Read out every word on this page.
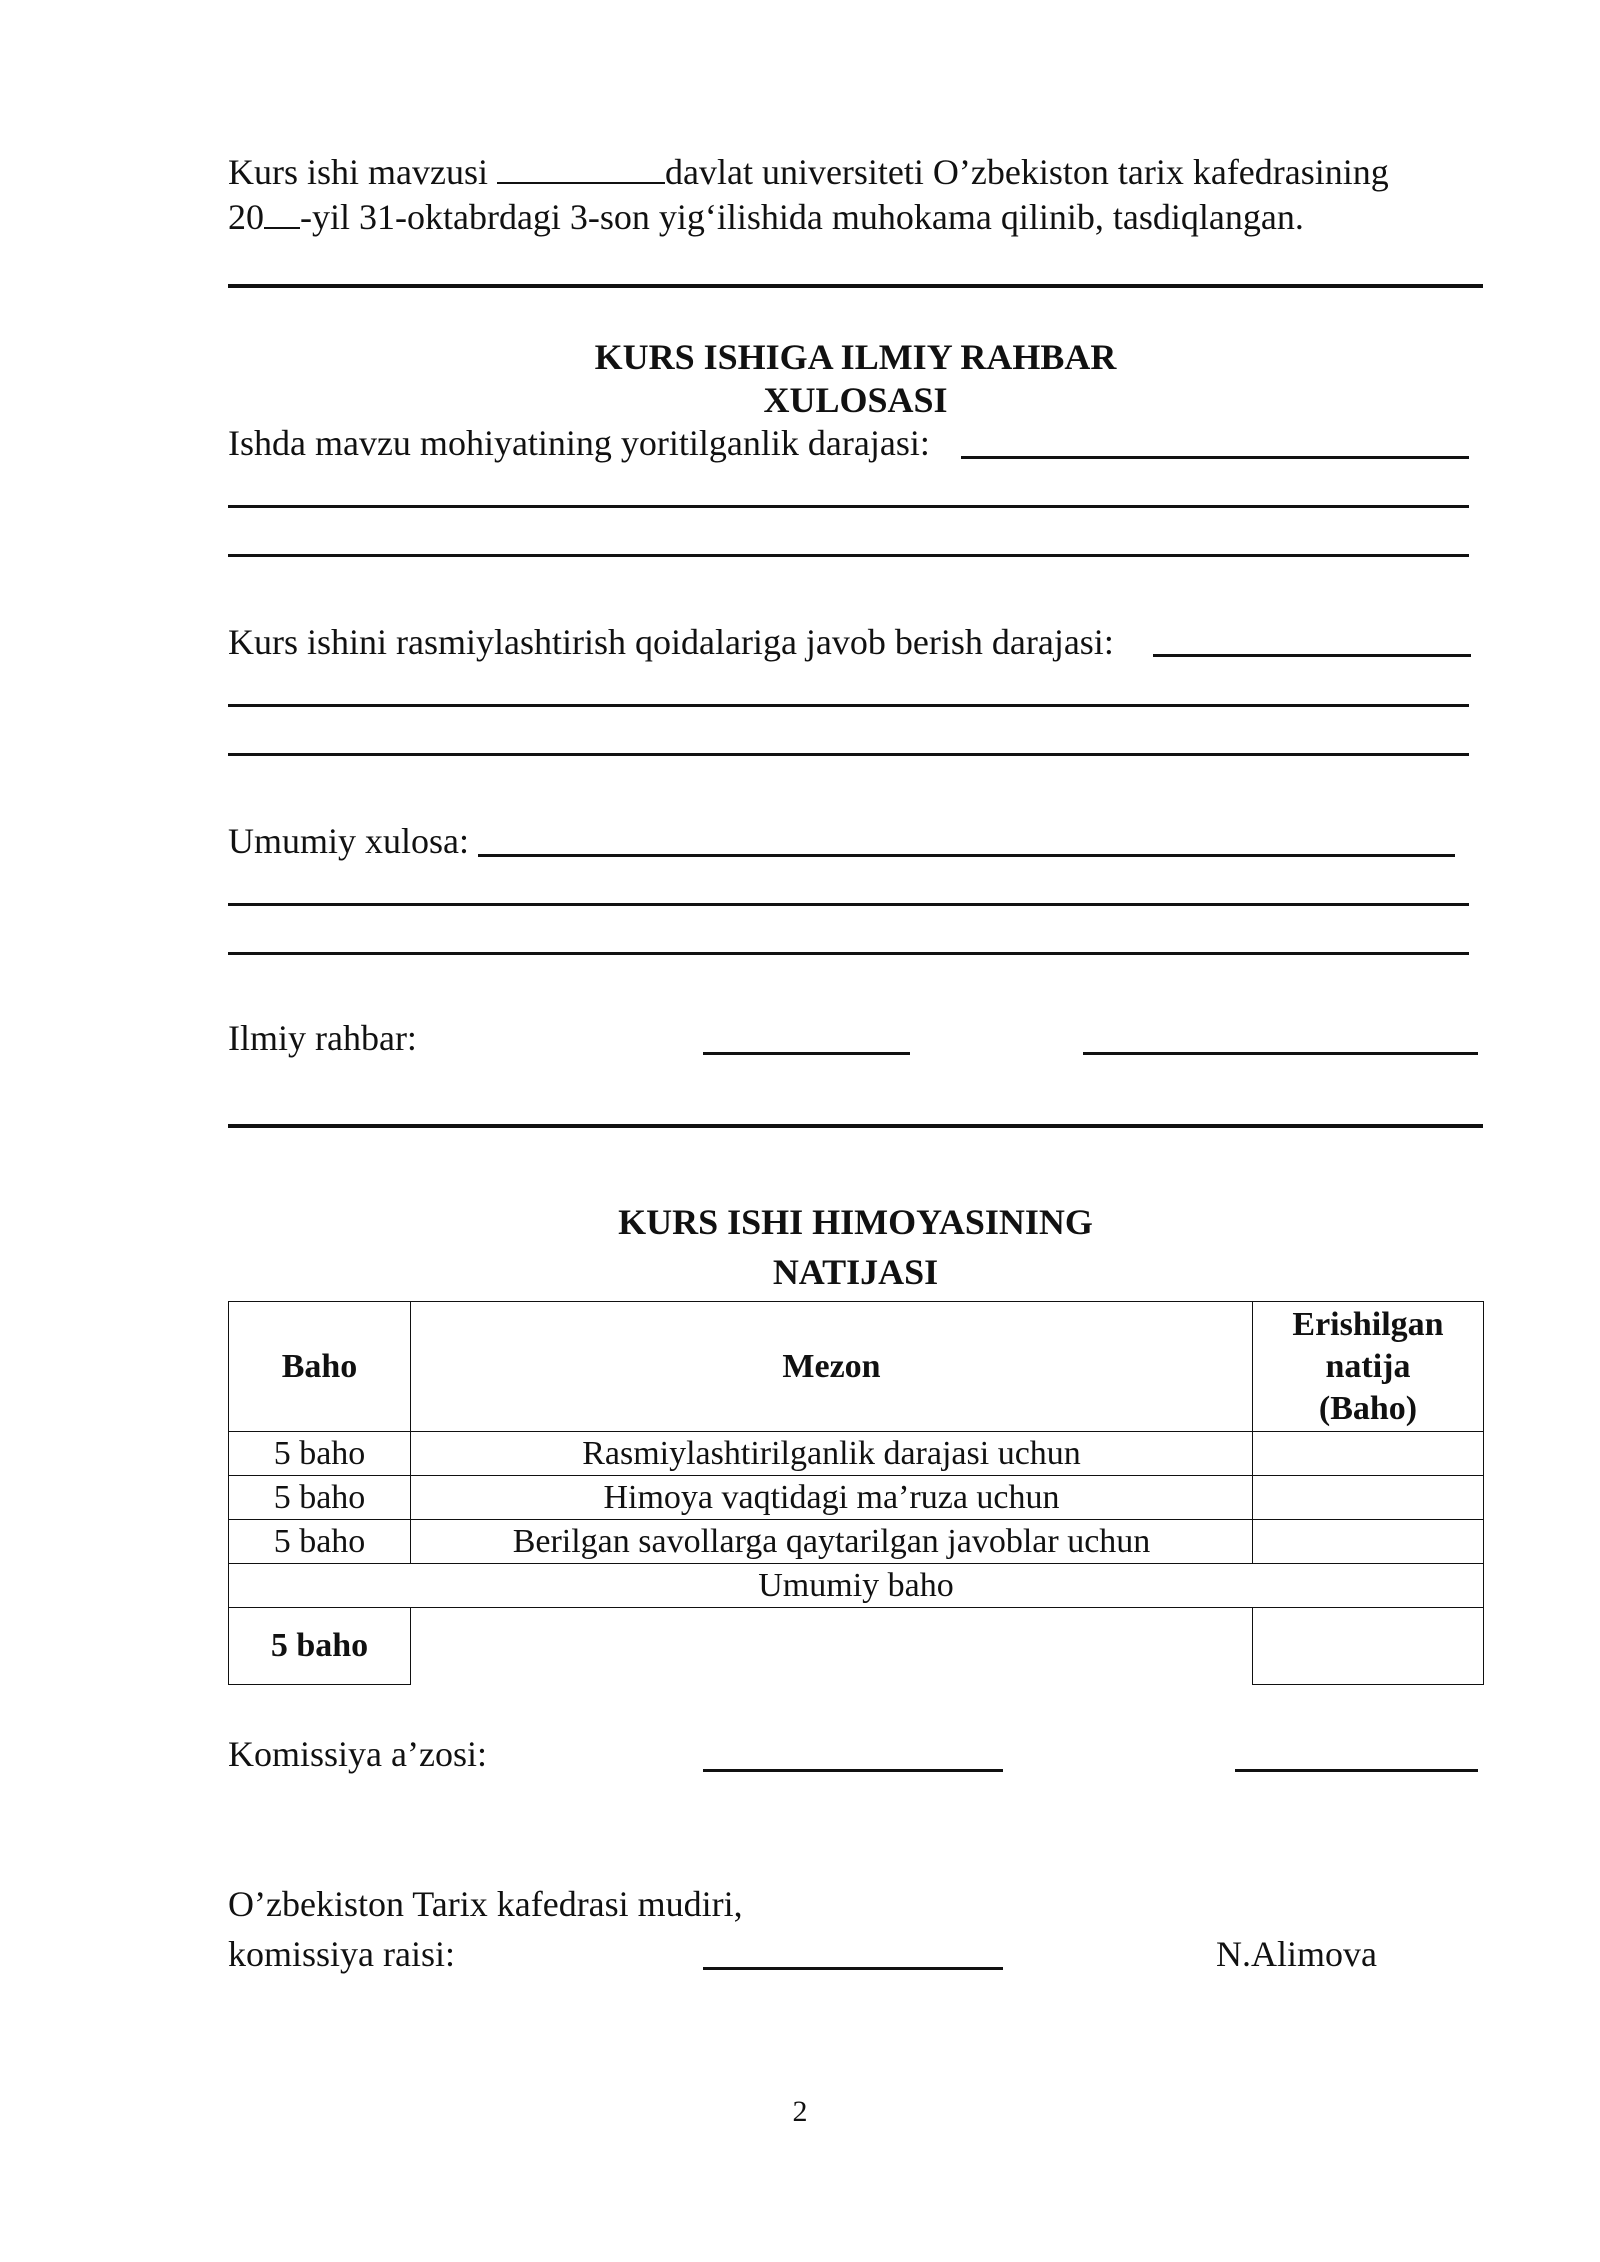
Kurs ishi mavzusi	davlat universiteti O’zbekiston tarix kafedrasining
20 -yil 31-oktabrdagi 3-son yig‘ilishida muhokama qilinib, tasdiqlangan.
KURS ISHIGA ILMIY RAHBAR
XULOSASI
Ishda mavzu mohiyatining yoritilganlik darajasi:
Kurs ishini rasmiylashtirish qoidalariga javob berish darajasi:
Umumiy xulosa:
Ilmiy rahbar:
KURS ISHI HIMOYASINING
NATIJASI
Baho	Mezon	Erishilgan
natija
(Baho)

5 baho	Rasmiylashtirilganlik darajasi uchun	
5 baho	Himoya vaqtidagi ma’ruza uchun	
5 baho	Berilgan savollarga qaytarilgan javoblar uchun	
Umumiy baho		
5 baho		
Komissiya a’zosi:
O’zbekiston Tarix kafedrasi mudiri,
komissiya raisi:	N.Alimova
2
